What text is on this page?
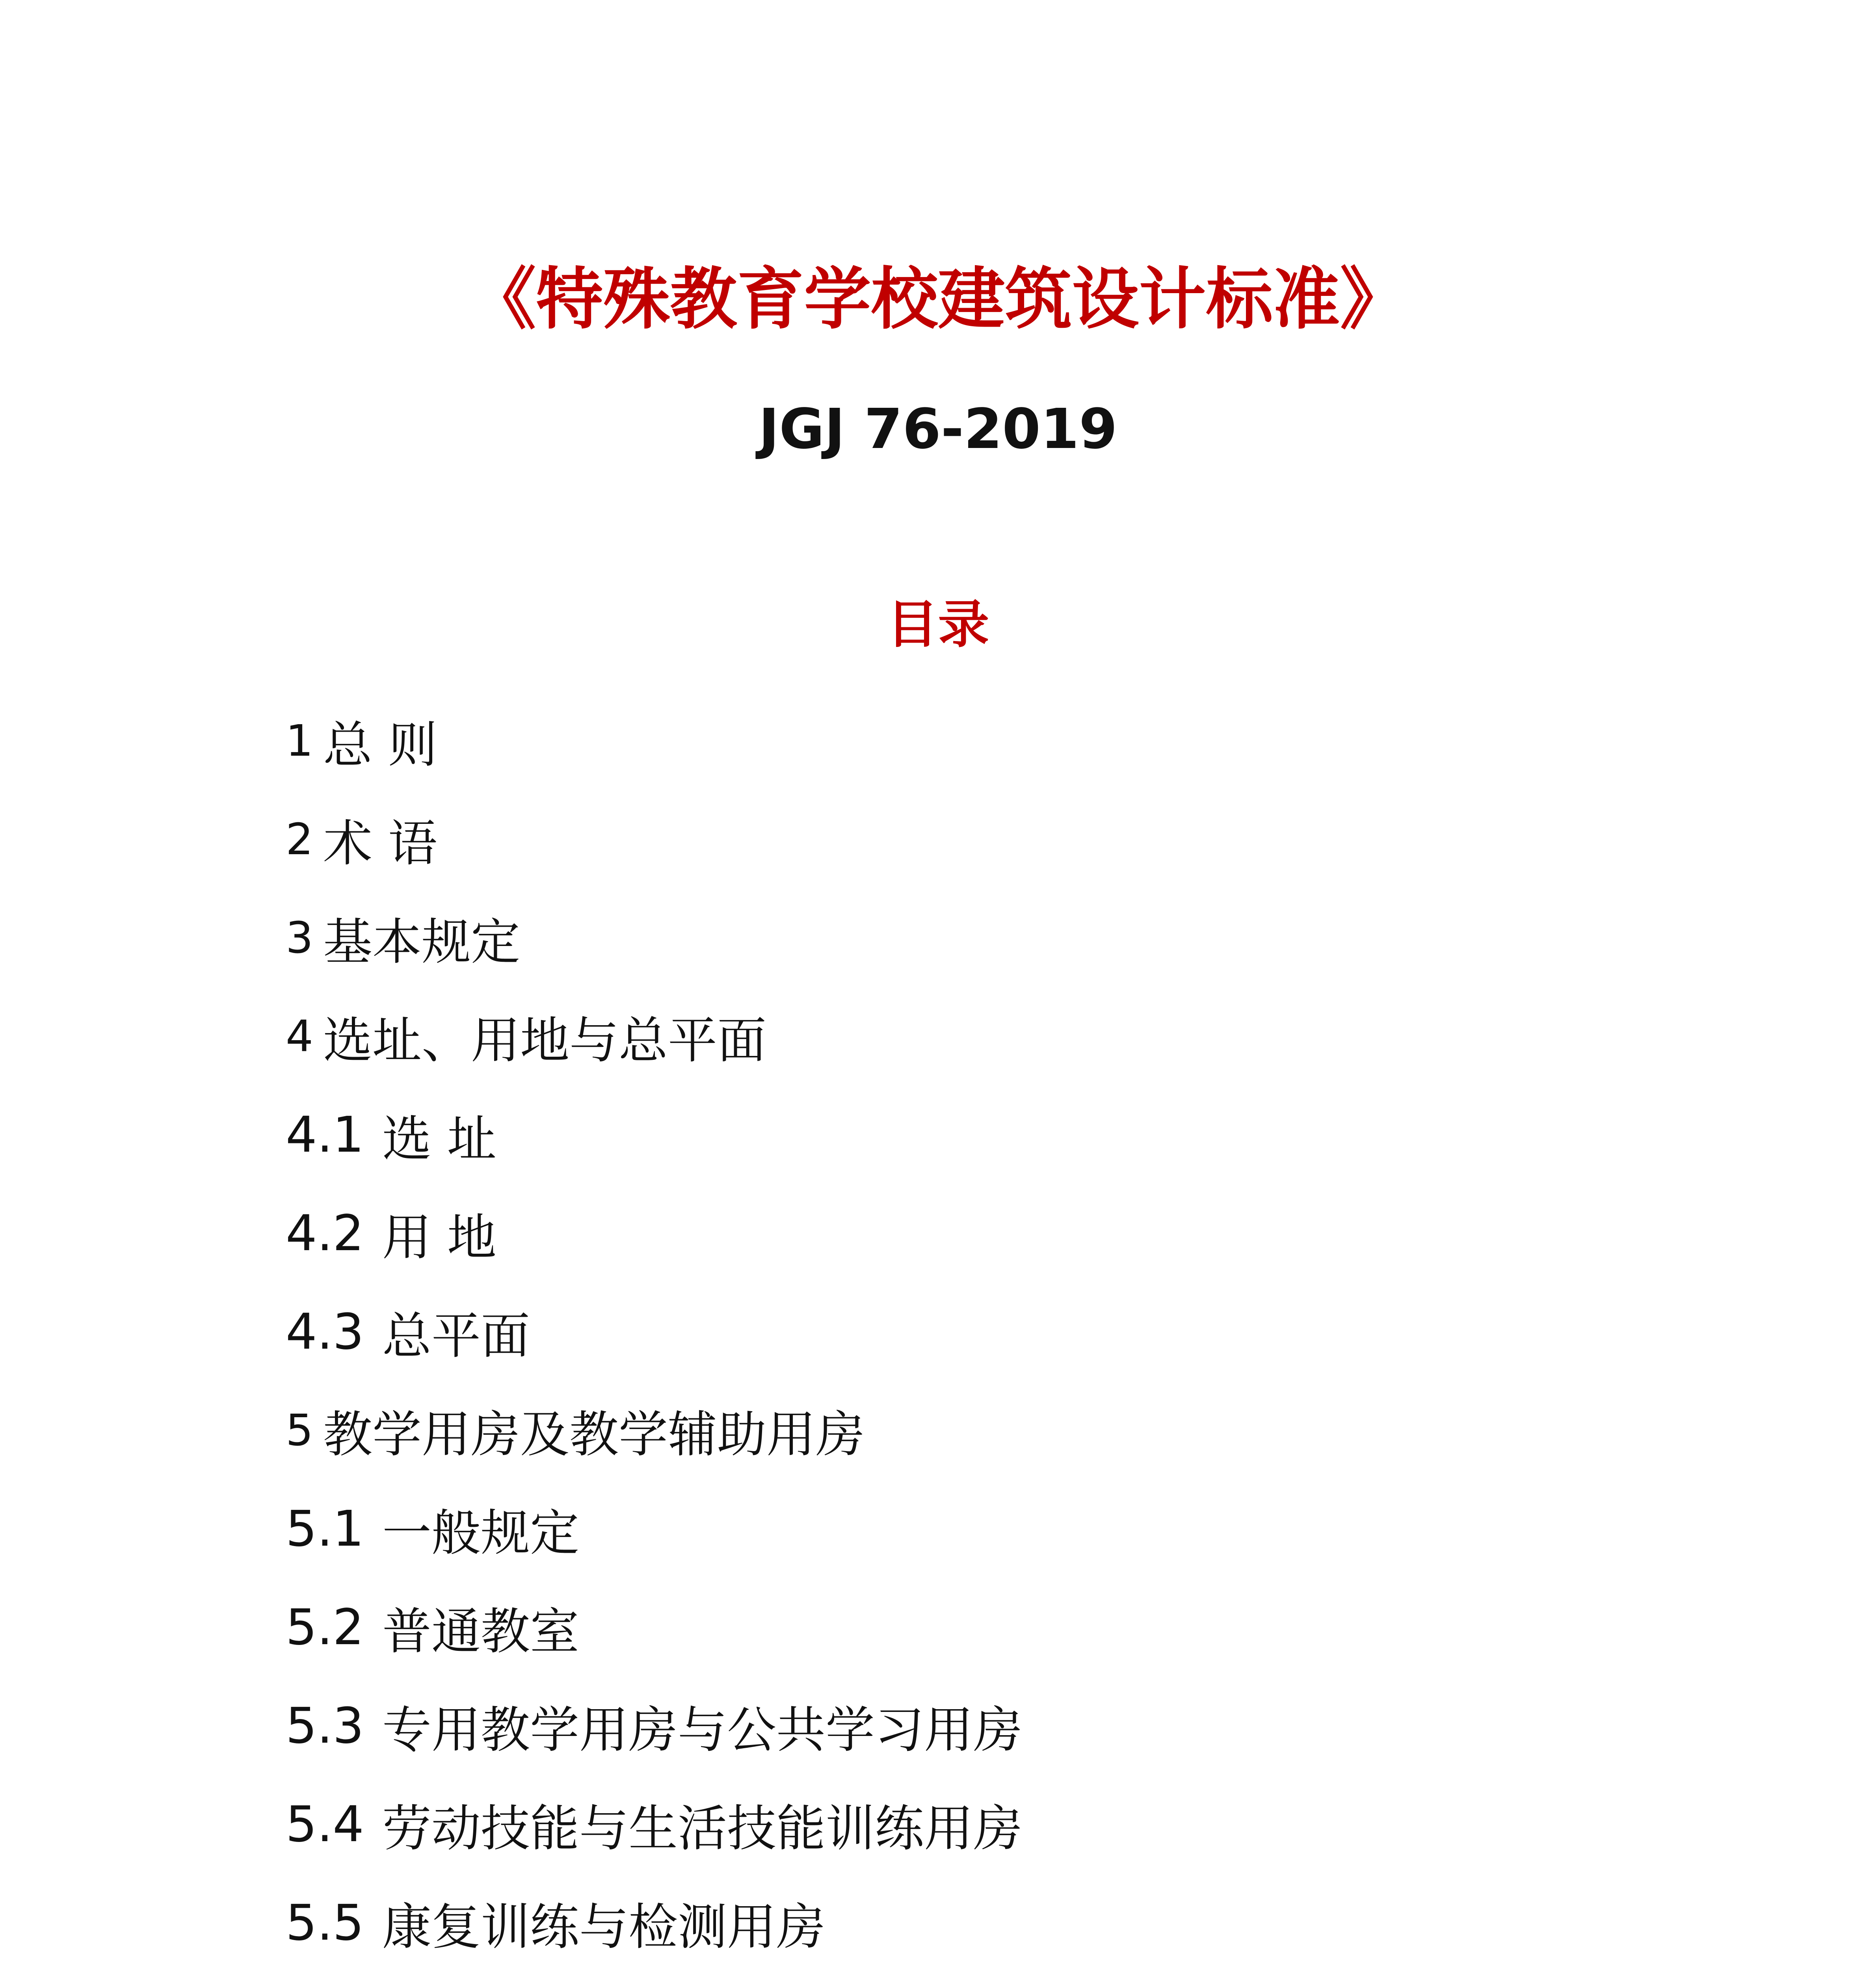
《特殊教育学校建筑设计标准》
JGJ 76-2019
目录
1 总 则
2 术 语
3 基本规定
4 选址、用地与总平面
4.1 选 址
4.2 用 地
4.3 总平面
5 教学用房及教学辅助用房
5.1 一般规定
5.2 普通教室
5.3 专用教学用房与公共学习用房
5.4 劳动技能与生活技能训练用房
5.5 康复训练与检测用房
